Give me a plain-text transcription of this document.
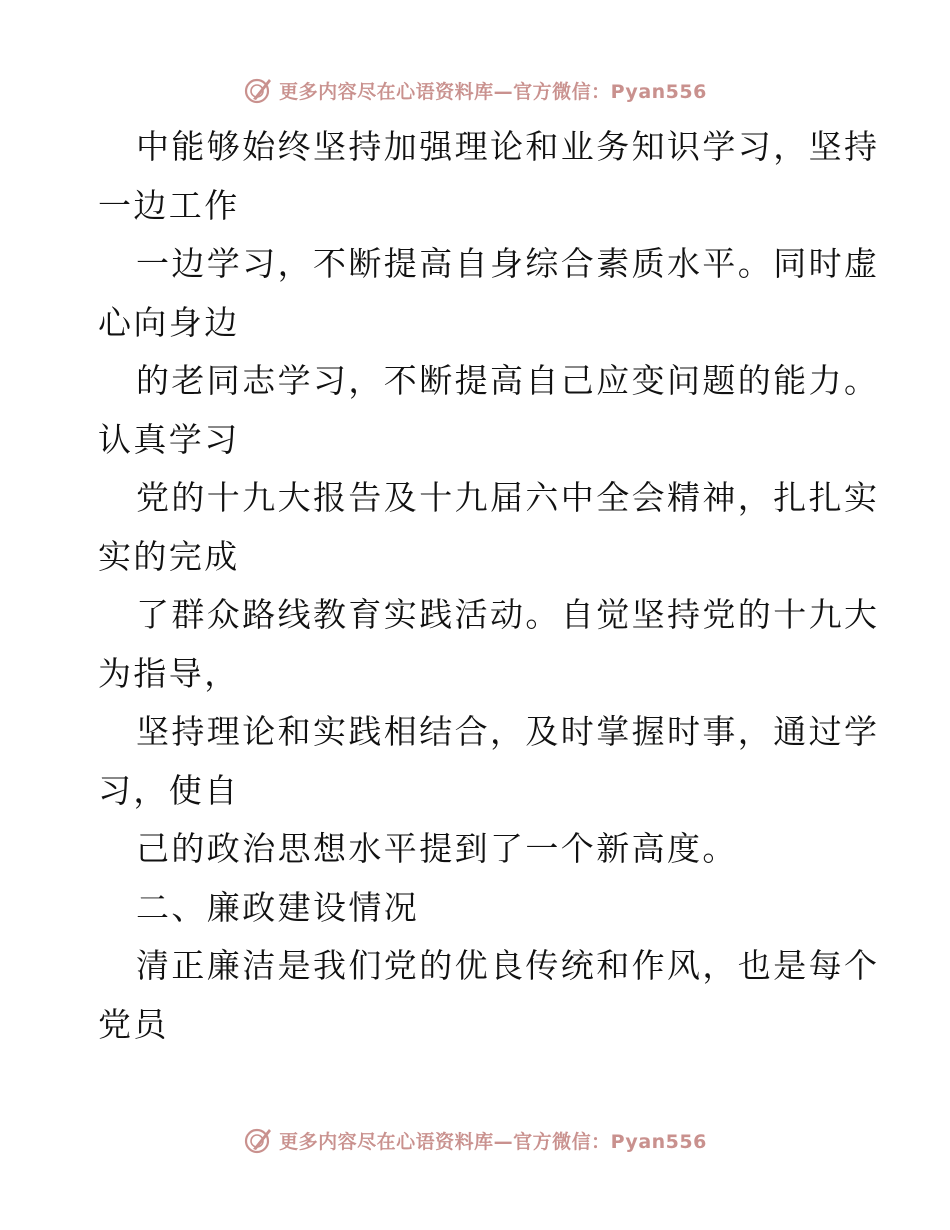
更多内容尽在心语资料库—官方微信：Pyan556
中能够始终坚持加强理论和业务知识学习，坚持
一边工作
一边学习，不断提高自身综合素质水平。同时虚
心向身边
的老同志学习，不断提高自己应变问题的能力。
认真学习
党的十九大报告及十九届六中全会精神，扎扎实
实的完成
了群众路线教育实践活动。自觉坚持党的十九大
为指导，
坚持理论和实践相结合，及时掌握时事，通过学
习，使自
己的政治思想水平提到了一个新高度。
二、廉政建设情况
清正廉洁是我们党的优良传统和作风，也是每个
党员
更多内容尽在心语资料库—官方微信：Pyan556
